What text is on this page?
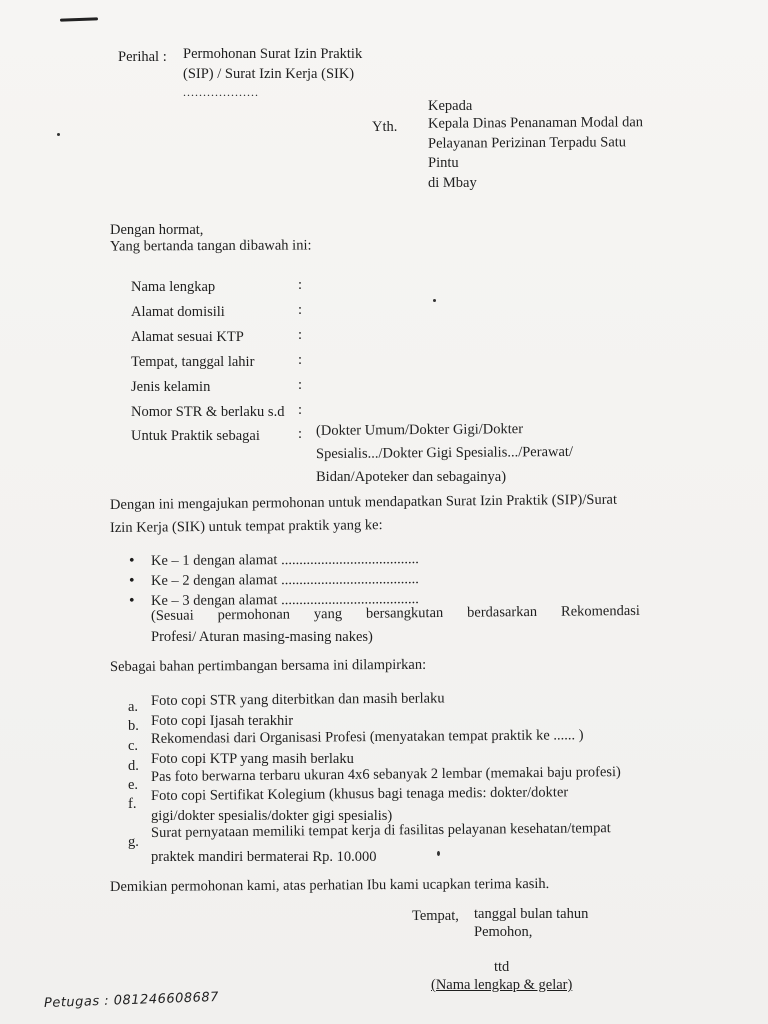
Perihal : Permohonan Surat Izin Praktik
(SIP) / Surat Izin Kerja (SIK)
...................
Kepada
Yth. Kepala Dinas Penanaman Modal dan
Pelayanan Perizinan Terpadu Satu
Pintu
di Mbay
Dengan hormat,
Yang bertanda tangan dibawah ini:
Nama lengkap	:
Alamat domisili	:
Alamat sesuai KTP	:
Tempat, tanggal lahir	:
Jenis kelamin	:
Nomor STR & berlaku s.d :
Untuk Praktik sebagai	: (Dokter Umum/Dokter Gigi/Dokter
Spesialis.../Dokter Gigi Spesialis.../Perawat/
Bidan/Apoteker dan sebagainya)
Dengan ini mengajukan permohonan untuk mendapatkan Surat Izin Praktik (SIP)/Surat
Izin Kerja (SIK) untuk tempat praktik yang ke:
• Ke – 1 dengan alamat ......................................
• Ke – 2 dengan alamat ......................................
• Ke – 3 dengan alamat ......................................
(Sesuai permohonan yang bersangkutan berdasarkan Rekomendasi
Profesi/ Aturan masing-masing nakes)
Sebagai bahan pertimbangan bersama ini dilampirkan:
a. Foto copi STR yang diterbitkan dan masih berlaku
b. Foto copi Ijasah terakhir
c. Rekomendasi dari Organisasi Profesi (menyatakan tempat praktik ke ...... )
d. Foto copi KTP yang masih berlaku
e.
Pas foto berwarna terbaru ukuran 4x6 sebanyak 2 lembar (memakai baju profesi)
f.
Foto copi Sertifikat Kolegium (khusus bagi tenaga medis: dokter/dokter
gigi/dokter spesialis/dokter gigi spesialis)
g.
Surat pernyataan memiliki tempat kerja di fasilitas pelayanan kesehatan/tempat
praktek mandiri bermaterai Rp. 10.000
Demikian permohonan kami, atas perhatian Ibu kami ucapkan terima kasih.
Tempat, tanggal bulan tahun
Pemohon,
ttd
(Nama lengkap & gelar)
Petugas : 081246608687
